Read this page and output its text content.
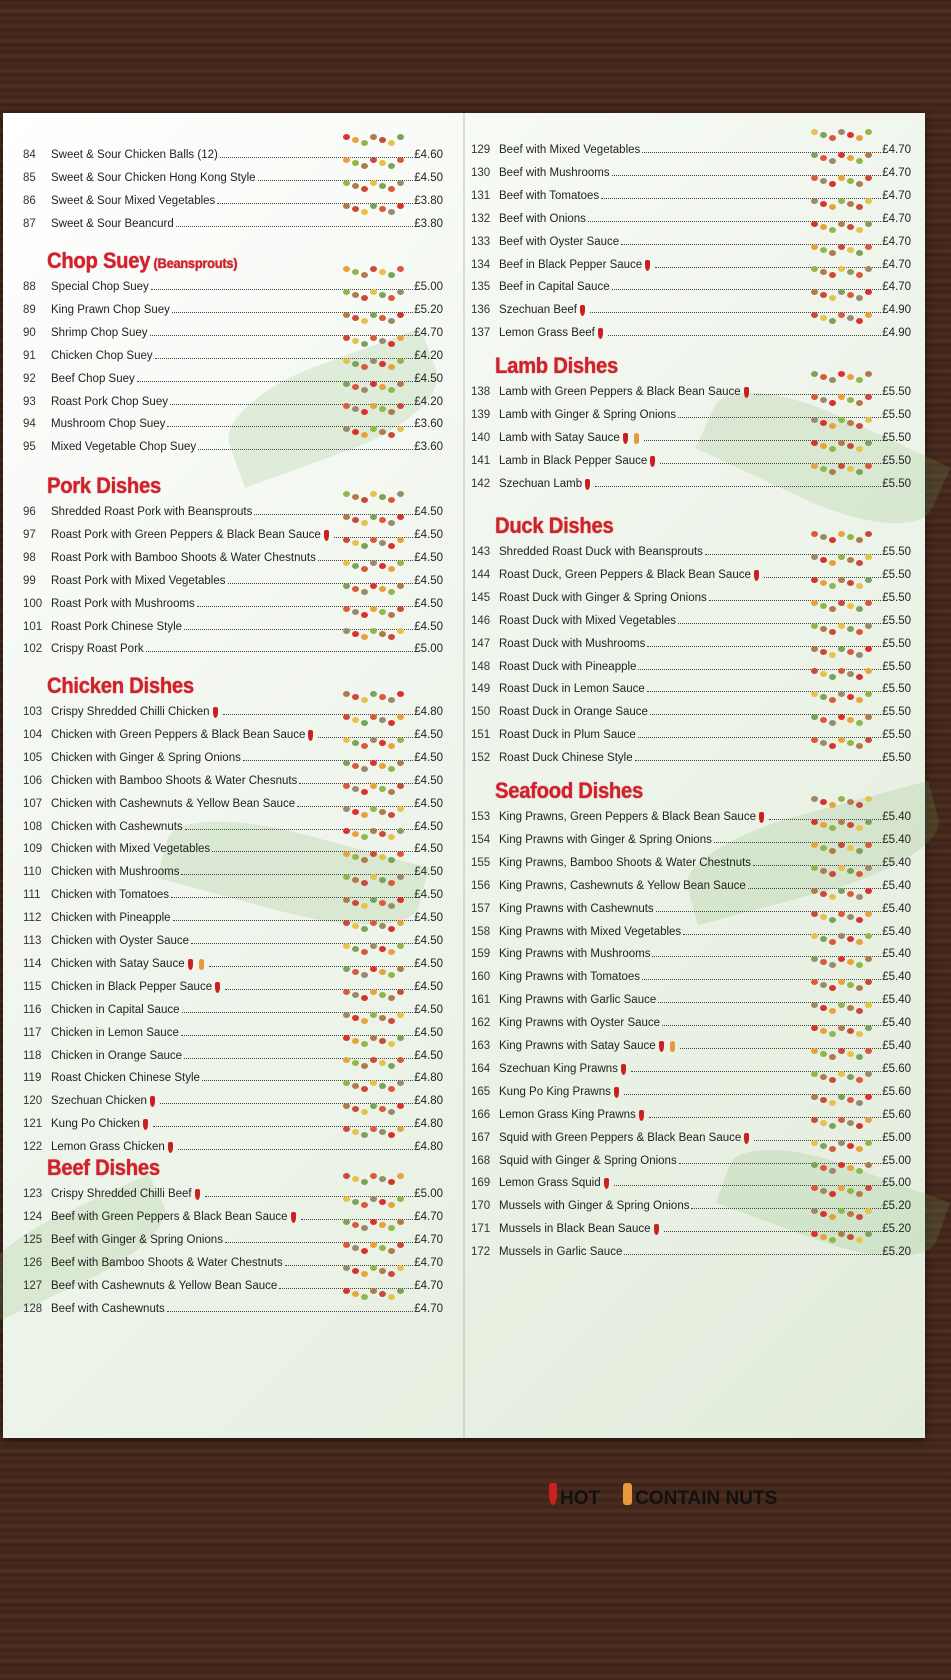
84	Sweet & Sour Chicken Balls (12)	£4.60
85	Sweet & Sour Chicken Hong Kong Style	£4.50
86	Sweet & Sour Mixed Vegetables	£3.80
87	Sweet & Sour Beancurd	£3.80
Chop Suey (Beansprouts)
88	Special Chop Suey	£5.00
89	King Prawn Chop Suey	£5.20
90	Shrimp Chop Suey	£4.70
91	Chicken Chop Suey	£4.20
92	Beef Chop Suey	£4.50
93	Roast Pork Chop Suey	£4.20
94	Mushroom Chop Suey	£3.60
95	Mixed Vegetable Chop Suey	£3.60
Pork Dishes
96	Shredded Roast Pork with Beansprouts	£4.50
97	Roast Pork with Green Peppers & Black Bean Sauce	£4.50
98	Roast Pork with Bamboo Shoots & Water Chestnuts	£4.50
99	Roast Pork with Mixed Vegetables	£4.50
100 Roast Pork with Mushrooms	£4.50
101 Roast Pork Chinese Style	£4.50
102 Crispy Roast Pork	£5.00
Chicken Dishes
103 Crispy Shredded Chilli Chicken	£4.80
104 Chicken with Green Peppers & Black Bean Sauce	£4.50
105 Chicken with Ginger & Spring Onions	£4.50
106 Chicken with Bamboo Shoots & Water Chesnuts	£4.50
107 Chicken with Cashewnuts & Yellow Bean Sauce	£4.50
108 Chicken with Cashewnuts	£4.50
109 Chicken with Mixed Vegetables	£4.50
110 Chicken with Mushrooms	£4.50
111 Chicken with Tomatoes	£4.50
112 Chicken with Pineapple	£4.50
113 Chicken with Oyster Sauce	£4.50
114 Chicken with Satay Sauce	£4.50
115 Chicken in Black Pepper Sauce	£4.50
116 Chicken in Capital Sauce	£4.50
117 Chicken in Lemon Sauce	£4.50
118 Chicken in Orange Sauce	£4.50
119 Roast Chicken Chinese Style	£4.80
120 Szechuan Chicken	£4.80
121 Kung Po Chicken	£4.80
122 Lemon Grass Chicken	£4.80
Beef Dishes
123 Crispy Shredded Chilli Beef	£5.00
124 Beef with Green Peppers & Black Bean Sauce	£4.70
125 Beef with Ginger & Spring Onions	£4.70
126 Beef with Bamboo Shoots & Water Chestnuts	£4.70
127 Beef with Cashewnuts & Yellow Bean Sauce	£4.70
128 Beef with Cashewnuts	£4.70
129 Beef with Mixed Vegetables	£4.70
130 Beef with Mushrooms	£4.70
131 Beef with Tomatoes	£4.70
132 Beef with Onions	£4.70
133 Beef with Oyster Sauce	£4.70
134 Beef in Black Pepper Sauce	£4.70
135 Beef in Capital Sauce	£4.70
136 Szechuan Beef	£4.90
137 Lemon Grass Beef	£4.90
Lamb Dishes
138 Lamb with Green Peppers & Black Bean Sauce	£5.50
139 Lamb with Ginger & Spring Onions	£5.50
140 Lamb with Satay Sauce	£5.50
141 Lamb in Black Pepper Sauce	£5.50
142 Szechuan Lamb	£5.50
Duck Dishes
143 Shredded Roast Duck with Beansprouts	£5.50
144 Roast Duck, Green Peppers & Black Bean Sauce	£5.50
145 Roast Duck with Ginger & Spring Onions	£5.50
146 Roast Duck with Mixed Vegetables	£5.50
147 Roast Duck with Mushrooms	£5.50
148 Roast Duck with Pineapple	£5.50
149 Roast Duck in Lemon Sauce	£5.50
150 Roast Duck in Orange Sauce	£5.50
151 Roast Duck in Plum Sauce	£5.50
152 Roast Duck Chinese Style	£5.50
Seafood Dishes
153 King Prawns, Green Peppers & Black Bean Sauce	£5.40
154 King Prawns with Ginger & Spring Onions	£5.40
155 King Prawns, Bamboo Shoots & Water Chestnuts	£5.40
156 King Prawns, Cashewnuts & Yellow Bean Sauce	£5.40
157 King Prawns with Cashewnuts	£5.40
158 King Prawns with Mixed Vegetables	£5.40
159 King Prawns with Mushrooms	£5.40
160 King Prawns with Tomatoes	£5.40
161 King Prawns with Garlic Sauce	£5.40
162 King Prawns with Oyster Sauce	£5.40
163 King Prawns with Satay Sauce	£5.40
164 Szechuan King Prawns	£5.60
165 Kung Po King Prawns	£5.60
166 Lemon Grass King Prawns	£5.60
167 Squid with Green Peppers & Black Bean Sauce	£5.00
168 Squid with Ginger & Spring Onions	£5.00
169 Lemon Grass Squid	£5.00
170 Mussels with Ginger & Spring Onions	£5.20
171 Mussels in Black Bean Sauce	£5.20
172 Mussels in Garlic Sauce	£5.20
HOT	CONTAIN NUTS
